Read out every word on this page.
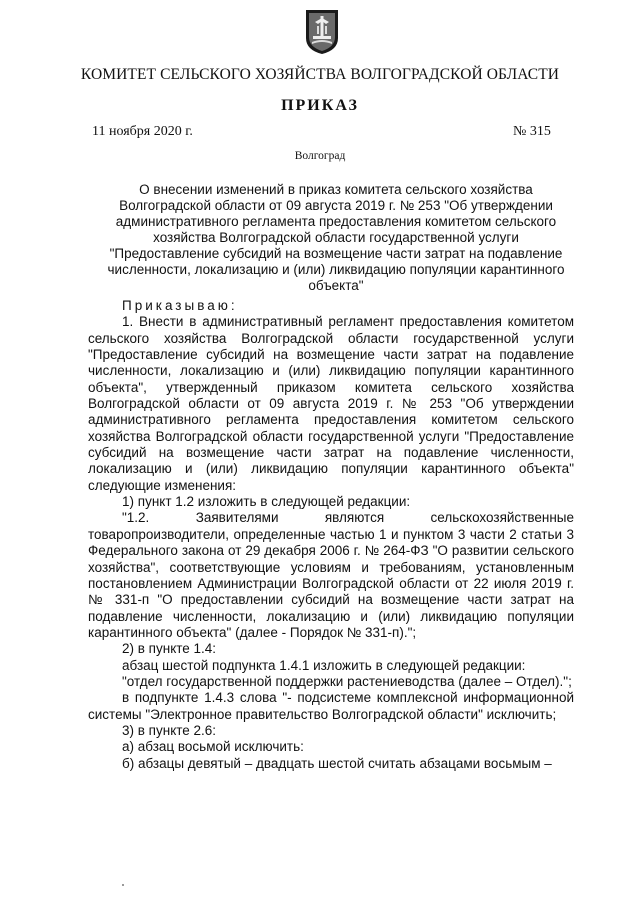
КОМИТЕТ СЕЛЬСКОГО ХОЗЯЙСТВА ВОЛГОГРАДСКОЙ ОБЛАСТИ
ПРИКАЗ
11 ноября 2020 г.	№ 315
Волгоград
О внесении изменений в приказ комитета сельского хозяйства
Волгоградской области от 09 августа 2019 г. № 253 "Об утверждении
административного регламента предоставления комитетом сельского
хозяйства Волгоградской области государственной услуги
"Предоставление субсидий на возмещение части затрат на подавление
численности, локализацию и (или) ликвидацию популяции карантинного
объекта"

Приказываю:

1. Внести в административный регламент предоставления комитетом сельского хозяйства Волгоградской области государственной услуги "Предоставление субсидий на возмещение части затрат на подавление численности, локализацию и (или) ликвидацию популяции карантинного объекта", утвержденный приказом комитета сельского хозяйства Волгоградской области от 09 августа 2019 г. № 253 "Об утверждении административного регламента предоставления комитетом сельского хозяйства Волгоградской области государственной услуги "Предоставление субсидий на возмещение части затрат на подавление численности, локализацию и (или) ликвидацию популяции карантинного объекта" следующие изменения:

1) пункт 1.2 изложить в следующей редакции:

"1.2. Заявителями являются сельскохозяйственные товаропроизводители, определенные частью 1 и пунктом 3 части 2 статьи 3 Федерального закона от 29 декабря 2006 г. № 264-ФЗ "О развитии сельского хозяйства", соответствующие условиям и требованиям, установленным постановлением Администрации Волгоградской области от 22 июля 2019 г. № 331-п "О предоставлении субсидий на возмещение части затрат на подавление численности, локализацию и (или) ликвидацию популяции карантинного объекта" (далее - Порядок № 331-п).";

2) в пункте 1.4:

абзац шестой подпункта 1.4.1 изложить в следующей редакции:

"отдел государственной поддержки растениеводства (далее – Отдел).";

в подпункте 1.4.3 слова "- подсистеме комплексной информационной системы "Электронное правительство Волгоградской области" исключить;

3) в пункте 2.6:

а) абзац восьмой исключить:

б) абзацы девятый – двадцать шестой считать абзацами восьмым –
